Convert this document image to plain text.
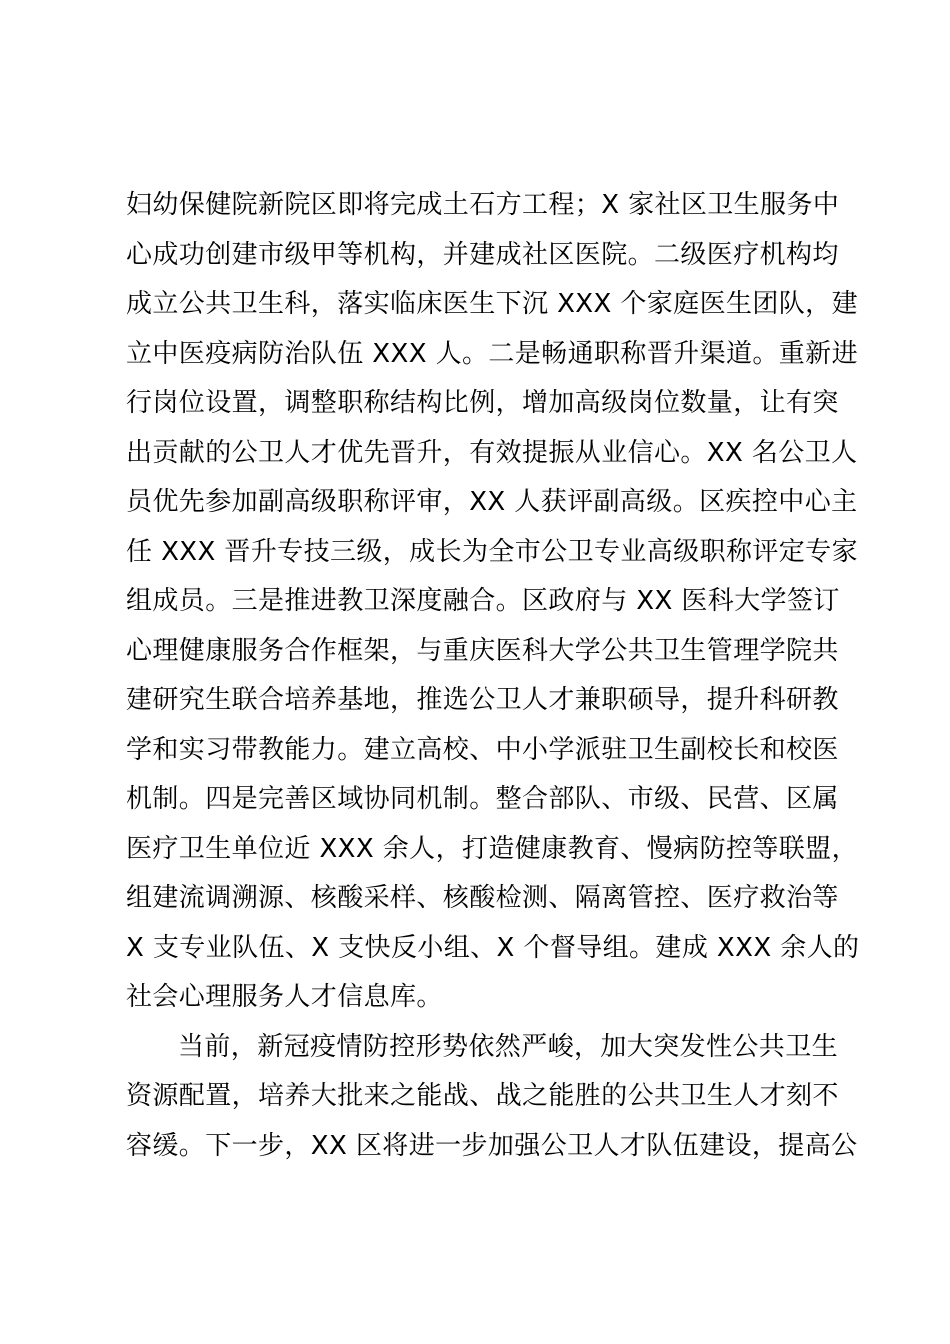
妇幼保健院新院区即将完成土石方工程；X 家社区卫生服务中
心成功创建市级甲等机构，并建成社区医院。二级医疗机构均
成立公共卫生科，落实临床医生下沉 XXX 个家庭医生团队，建
立中医疫病防治队伍 XXX 人。二是畅通职称晋升渠道。重新进
行岗位设置，调整职称结构比例，增加高级岗位数量，让有突
出贡献的公卫人才优先晋升，有效提振从业信心。XX 名公卫人
员优先参加副高级职称评审，XX 人获评副高级。区疾控中心主
任 XXX 晋升专技三级，成长为全市公卫专业高级职称评定专家
组成员。三是推进教卫深度融合。区政府与 XX 医科大学签订
心理健康服务合作框架，与重庆医科大学公共卫生管理学院共
建研究生联合培养基地，推选公卫人才兼职硕导，提升科研教
学和实习带教能力。建立高校、中小学派驻卫生副校长和校医
机制。四是完善区域协同机制。整合部队、市级、民营、区属
医疗卫生单位近 XXX 余人，打造健康教育、慢病防控等联盟，
组建流调溯源、核酸采样、核酸检测、隔离管控、医疗救治等
X 支专业队伍、X 支快反小组、X 个督导组。建成 XXX 余人的
社会心理服务人才信息库。
当前，新冠疫情防控形势依然严峻，加大突发性公共卫生
资源配置，培养大批来之能战、战之能胜的公共卫生人才刻不
容缓。下一步，XX 区将进一步加强公卫人才队伍建设，提高公
